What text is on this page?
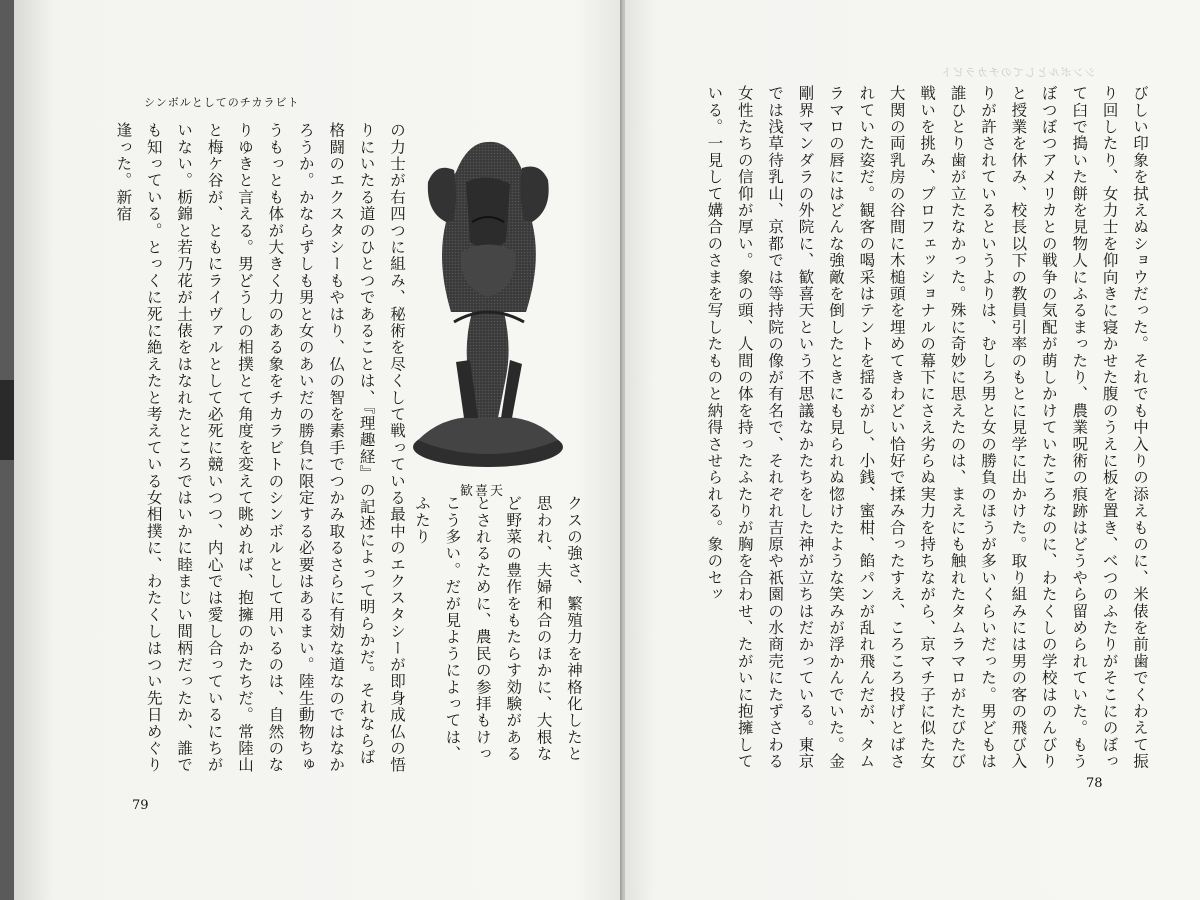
シンボルとしてのチカラビト

の力士が右四つに組み、秘術を尽くして戦っている最中のエクスタシーが即身成仏の悟りにいたる道のひとつであることは、『理趣経』の記述によって明らかだ。それならば格闘のエクスタシーもやはり、仏の智を素手でつかみ取るさらに有効な道なのではなかろうか。かならずしも男と女のあいだの勝負に限定する必要はあるまい。陸生動物ちゅうもっとも体が大きく力のある象をチカラビトのシンボルとして用いるのは、自然のなりゆきと言える。男どうしの相撲とて角度を変えて眺めれば、抱擁のかたちだ。常陸山と梅ケ谷が、ともにライヴァルとして必死に競いつつ、内心では愛し合っているにちがいない。栃錦と若乃花が土俵をはなれたところではいかに睦まじい間柄だったか、誰でも知っている。とっくに死に絶えたと考えている女相撲に、わたくしはつい先日めぐり逢った。新宿

歓喜天

クスの強さ、繁殖力を神格化したと思われ、夫婦和合のほかに、大根など野菜の豊作をもたらす効験があるとされるために、農民の参拝もけっこう多い。だが見ようによっては、ふたり

79
シンボルとしてのチカラビト

びしい印象を拭えぬショウだった。それでも中入りの添えものに、米俵を前歯でくわえて振り回したり、女力士を仰向きに寝かせた腹のうえに板を置き、べつのふたりがそこにのぼって臼で搗いた餅を見物人にふるまったり、農業呪術の痕跡はどうやら留められていた。もうぼつぼつアメリカとの戦争の気配が萌しかけていたころなのに、わたくしの学校はのんびりと授業を休み、校長以下の教員引率のもとに見学に出かけた。取り組みには男の客の飛び入りが許されているというよりは、むしろ男と女の勝負のほうが多いくらいだった。男どもは誰ひとり歯が立たなかった。殊に奇妙に思えたのは、まえにも触れたタムラマロがたびたび戦いを挑み、プロフェッショナルの幕下にさえ劣らぬ実力を持ちながら、京マチ子に似た女大関の両乳房の谷間に木槌頭を埋めてきわどい恰好で揉み合ったすえ、ころころ投げとばされていた姿だ。観客の喝采はテントを揺るがし、小銭、蜜柑、餡パンが乱れ飛んだが、タムラマロの唇にはどんな強敵を倒したときにも見られぬ惚けたような笑みが浮かんでいた。金剛界マンダラの外院に、歓喜天という不思議なかたちをした神が立ちはだかっている。東京では浅草待乳山、京都では等持院の像が有名で、それぞれ吉原や祇園の水商売にたずさわる女性たちの信仰が厚い。象の頭、人間の体を持ったふたりが胸を合わせ、たがいに抱擁している。一見して媾合のさまを写したものと納得させられる。象のセッ

78
